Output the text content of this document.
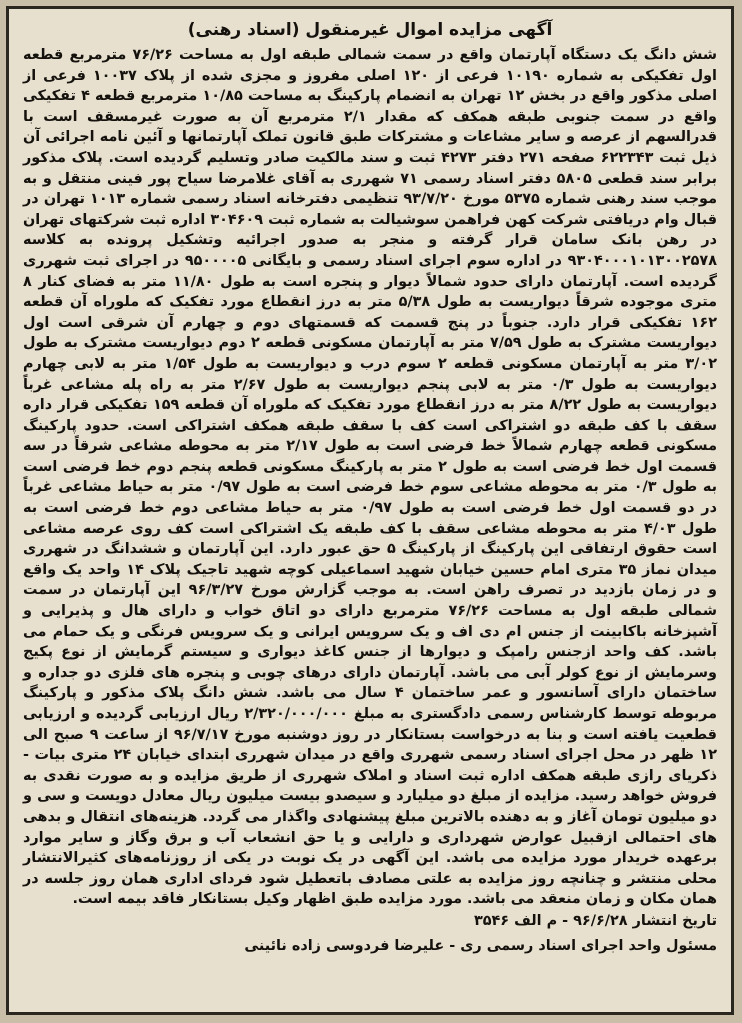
آگهی مزایده اموال غیرمنقول (اسناد رهنی)

شش دانگ یک دستگاه آپارتمان واقع در سمت شمالی طبقه اول به مساحت ۷۶/۲۶ مترمربع قطعه اول تفکیکی به شماره ۱۰۱۹۰ فرعی از ۱۲۰ اصلی مفروز و مجزی شده از پلاک ۱۰۰۳۷ فرعی از اصلی مذکور واقع در بخش ۱۲ تهران به انضمام پارکینگ به مساحت ۱۰/۸۵ مترمربع قطعه ۴ تفکیکی واقع در سمت جنوبی طبقه همکف که مقدار ۲/۱ مترمربع آن به صورت غیرمسقف است با قدرالسهم از عرصه و سایر مشاعات و مشترکات طبق قانون تملک آپارتمانها و آئین نامه اجرائی آن ذیل ثبت ۶۲۲۳۴۳ صفحه ۲۷۱ دفتر ۴۲۷۳ ثبت و سند مالکیت صادر وتسلیم گردیده است. پلاک مذکور برابر سند قطعی ۵۸۰۵ دفتر اسناد رسمی ۷۱ شهرری به آقای غلامرضا سیاح پور فینی منتقل و به موجب سند رهنی شماره ۵۳۷۵ مورخ ۹۳/۷/۲۰ تنظیمی دفترخانه اسناد رسمی شماره ۱۰۱۳ تهران در قبال وام دریافتی شرکت کهن فراهمن سوشیالت به شماره ثبت ۳۰۴۶۰۹ اداره ثبت شرکتهای تهران در رهن بانک سامان قرار گرفته و منجر به صدور اجرائیه وتشکیل پرونده به کلاسه ۹۳۰۴۰۰۰۱۰۱۳۰۰۲۵۷۸ در اداره سوم اجرای اسناد رسمی و بایگانی ۹۵۰۰۰۰۵ در اجرای ثبت شهرری گردیده است. آپارتمان دارای حدود شمالاً دیوار و پنجره است به طول ۱۱/۸۰ متر به فضای کنار ۸ متری موجوده شرقاً دیواریست به طول ۵/۳۸ متر به درز انقطاع مورد تفکیک که ملوراه آن قطعه ۱۶۲ تفکیکی قرار دارد. جنوباً در پنج قسمت که قسمتهای دوم و چهارم آن شرقی است اول دیواریست مشترک به طول ۷/۵۹ متر به آپارتمان مسکونی قطعه ۲ دوم دیواریست مشترک به طول ۳/۰۲ متر به آپارتمان مسکونی قطعه ۲ سوم درب و دیواریست به طول ۱/۵۴ متر به لابی چهارم دیواریست به طول ۰/۳ متر به لابی پنجم دیواریست به طول ۲/۶۷ متر به راه پله مشاعی غرباً دیواریست به طول ۸/۲۲ متر به درز انقطاع مورد تفکیک که ملوراه آن قطعه ۱۵۹ تفکیکی قرار داره سقف با کف طبقه دو اشتراکی است کف با سقف طبقه همکف اشتراکی است. حدود پارکینگ مسکونی قطعه چهارم شمالاً خط فرضی است به طول ۲/۱۷ متر به محوطه مشاعی شرقاً در سه قسمت اول خط فرضی است به طول ۲ متر به پارکینگ مسکونی قطعه پنجم دوم خط فرضی است به طول ۰/۳ متر به محوطه مشاعی سوم خط فرضی است به طول ۰/۹۷ متر به حیاط مشاعی غرباً در دو قسمت اول خط فرضی است به طول ۰/۹۷ متر به حیاط مشاعی دوم خط فرضی است به طول ۴/۰۳ متر به محوطه مشاعی سقف با کف طبقه یک اشتراکی است کف روی عرصه مشاعی است حقوق ارتفاقی این پارکینگ از پارکینگ ۵ حق عبور دارد. این آپارتمان و ششدانگ در شهرری میدان نماز ۳۵ متری امام حسین خیابان شهید اسماعیلی کوچه شهید تاجیک پلاک ۱۴ واحد یک واقع و در زمان بازدید در تصرف راهن است. به موجب گزارش مورخ ۹۶/۳/۲۷ این آپارتمان در سمت شمالی طبقه اول به مساحت ۷۶/۲۶ مترمربع دارای دو اتاق خواب و دارای هال و پذیرایی و آشپزخانه باکابینت از جنس ام دی اف و یک سرویس ایرانی و یک سرویس فرنگی و یک حمام می باشد. کف واحد ازجنس رامپک و دیوارها از جنس کاغذ دیواری و سیستم گرمایش از نوع پکیج وسرمایش از نوع کولر آبی می باشد. آپارتمان دارای درهای چوبی و پنجره های فلزی دو جداره و ساختمان دارای آسانسور و عمر ساختمان ۴ سال می باشد. شش دانگ پلاک مذکور و پارکینگ مربوطه توسط کارشناس رسمی دادگستری به مبلغ ۲/۳۲۰/۰۰۰/۰۰۰ ریال ارزیابی گردیده و ارزیابی قطعیت یافته است و بنا به درخواست بستانکار در روز دوشنبه مورخ ۹۶/۷/۱۷ از ساعت ۹ صبح الی ۱۲ ظهر در محل اجرای اسناد رسمی شهرری واقع در میدان شهرری ابتدای خیابان ۲۴ متری بیات - ذکریای رازی طبقه همکف اداره ثبت اسناد و املاک شهرری از طریق مزایده و به صورت نقدی به فروش خواهد رسید. مزایده از مبلغ دو میلیارد و سیصدو بیست میلیون ریال معادل دویست و سی و دو میلیون تومان آغاز و به دهنده بالاترین مبلغ پیشنهادی واگذار می گردد. هزینه‌های انتقال و بدهی های احتمالی ازقبیل عوارض شهرداری و دارایی و یا حق انشعاب آب و برق وگاز و سایر موارد برعهده خریدار مورد مزایده می باشد. این آگهی در یک نوبت در یکی از روزنامه‌های کثیرالانتشار محلی منتشر و چنانچه روز مزایده به علتی مصادف باتعطیل شود فردای اداری همان روز جلسه در همان مکان و زمان منعقد می باشد. مورد مزایده طبق اظهار وکیل بستانکار فاقد بیمه است.

تاریخ انتشار ۹۶/۶/۲۸ - م الف ۳۵۴۶

مسئول واحد اجرای اسناد رسمی ری - علیرضا فردوسی زاده نائینی
